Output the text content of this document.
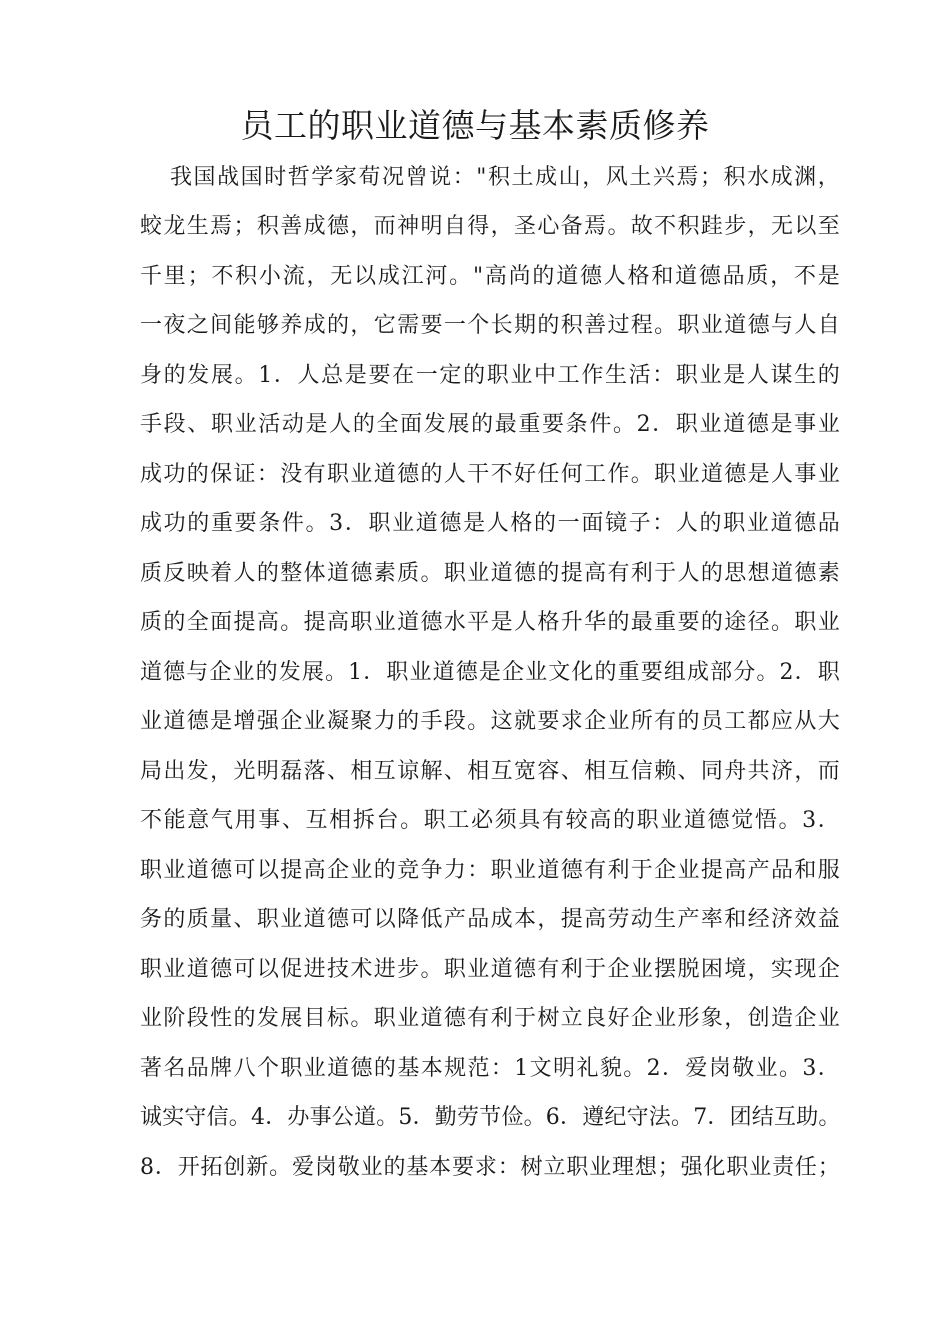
员工的职业道德与基本素质修养
我国战国时哲学家荀况曾说："积土成山，风土兴焉；积水成渊，
蛟龙生焉；积善成德，而神明自得，圣心备焉。故不积跬步，无以至
千里；不积小流，无以成江河。"高尚的道德人格和道德品质，不是
一夜之间能够养成的，它需要一个长期的积善过程。职业道德与人自
身的发展。1．人总是要在一定的职业中工作生活：职业是人谋生的
手段、职业活动是人的全面发展的最重要条件。2．职业道德是事业
成功的保证：没有职业道德的人干不好任何工作。职业道德是人事业
成功的重要条件。3．职业道德是人格的一面镜子：人的职业道德品
质反映着人的整体道德素质。职业道德的提高有利于人的思想道德素
质的全面提高。提高职业道德水平是人格升华的最重要的途径。职业
道德与企业的发展。1．职业道德是企业文化的重要组成部分。2．职
业道德是增强企业凝聚力的手段。这就要求企业所有的员工都应从大
局出发，光明磊落、相互谅解、相互宽容、相互信赖、同舟共济，而
不能意气用事、互相拆台。职工必须具有较高的职业道德觉悟。3．
职业道德可以提高企业的竞争力：职业道德有利于企业提高产品和服
务的质量、职业道德可以降低产品成本，提高劳动生产率和经济效益
职业道德可以促进技术进步。职业道德有利于企业摆脱困境，实现企
业阶段性的发展目标。职业道德有利于树立良好企业形象，创造企业
著名品牌八个职业道德的基本规范：1文明礼貌。2．爱岗敬业。3．
诚实守信。4．办事公道。5．勤劳节俭。6．遵纪守法。7．团结互助。
8．开拓创新。爱岗敬业的基本要求：树立职业理想；强化职业责任；
